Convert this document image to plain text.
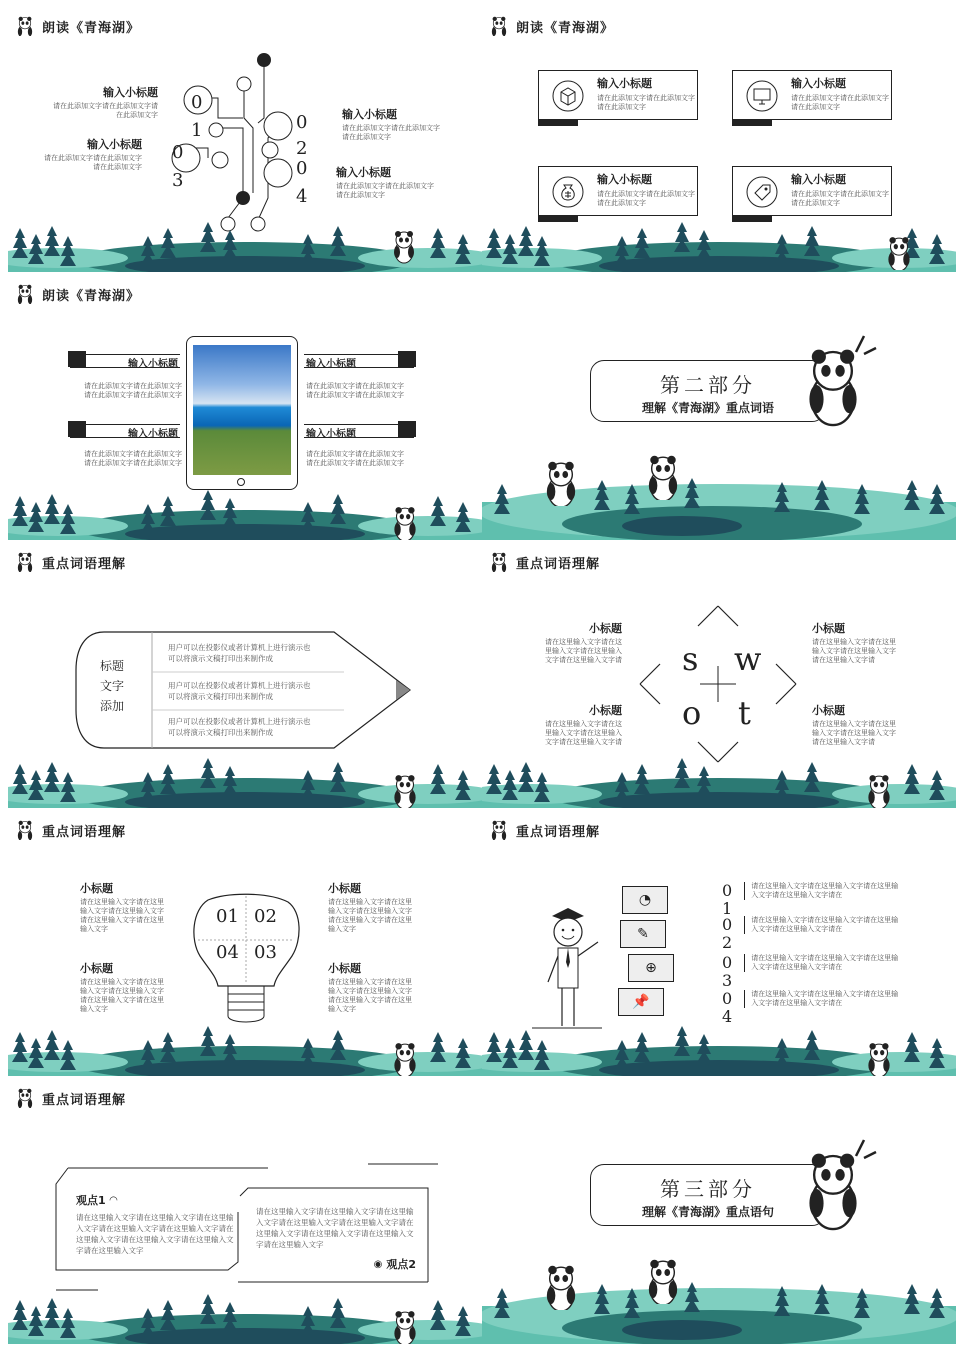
朗读《青海湖》
0
1
0
3
0
2
0
4
输入小标题
请在此添加文字请在此添加文字请在此添加文字
输入小标题
请在此添加文字请在此添加文字请在此添加文字
输入小标题
请在此添加文字请在此添加文字请在此添加文字
输入小标题
请在此添加文字请在此添加文字请在此添加文字
朗读《青海湖》
输入小标题
请在此添加文字请在此添加文字请在此添加文字
输入小标题
请在此添加文字请在此添加文字请在此添加文字
输入小标题
请在此添加文字请在此添加文字请在此添加文字
输入小标题
请在此添加文字请在此添加文字请在此添加文字
朗读《青海湖》
输入小标题
请在此添加文字请在此添加文字请在此添加文字请在此添加文字
输入小标题
请在此添加文字请在此添加文字请在此添加文字请在此添加文字
输入小标题
请在此添加文字请在此添加文字请在此添加文字请在此添加文字
输入小标题
请在此添加文字请在此添加文字请在此添加文字请在此添加文字
第二部分
理解《青海湖》重点词语
重点词语理解
标题
文字
添加
用户可以在投影仪或者计算机上进行演示也可以将演示文稿打印出来制作成
用户可以在投影仪或者计算机上进行演示也可以将演示文稿打印出来制作成
用户可以在投影仪或者计算机上进行演示也可以将演示文稿打印出来制作成
重点词语理解
s w
o t
小标题
请在这里输入文字请在这里输入文字请在这里输入文字请在这里输入文字请
小标题
请在这里输入文字请在这里输入文字请在这里输入文字请在这里输入文字请
小标题
请在这里输入文字请在这里输入文字请在这里输入文字请在这里输入文字请
小标题
请在这里输入文字请在这里输入文字请在这里输入文字请在这里输入文字请
重点词语理解
01 02
04 03
小标题
请在这里输入文字请在这里输入文字请在这里输入文字请在这里输入文字请在这里输入文字
小标题
请在这里输入文字请在这里输入文字请在这里输入文字请在这里输入文字请在这里输入文字
小标题
请在这里输入文字请在这里输入文字请在这里输入文字请在这里输入文字请在这里输入文字
小标题
请在这里输入文字请在这里输入文字请在这里输入文字请在这里输入文字请在这里输入文字
重点词语理解
◔
✎
⊕
📌
01
请在这里输入文字请在这里输入文字请在这里输入文字请在这里输入文字请在
02
请在这里输入文字请在这里输入文字请在这里输入文字请在这里输入文字请在
03
请在这里输入文字请在这里输入文字请在这里输入文字请在这里输入文字请在
04
请在这里输入文字请在这里输入文字请在这里输入文字请在这里输入文字请在
重点词语理解
观点1 ◠
请在这里输入文字请在这里输入文字请在这里输入文字请在这里输入文字请在这里输入文字请在这里输入文字请在这里输入文字请在这里输入文字请在这里输入文字
请在这里输入文字请在这里输入文字请在这里输入文字请在这里输入文字请在这里输入文字请在这里输入文字请在这里输入文字请在这里输入文字请在这里输入文字
◉ 观点2
第三部分
理解《青海湖》重点语句
